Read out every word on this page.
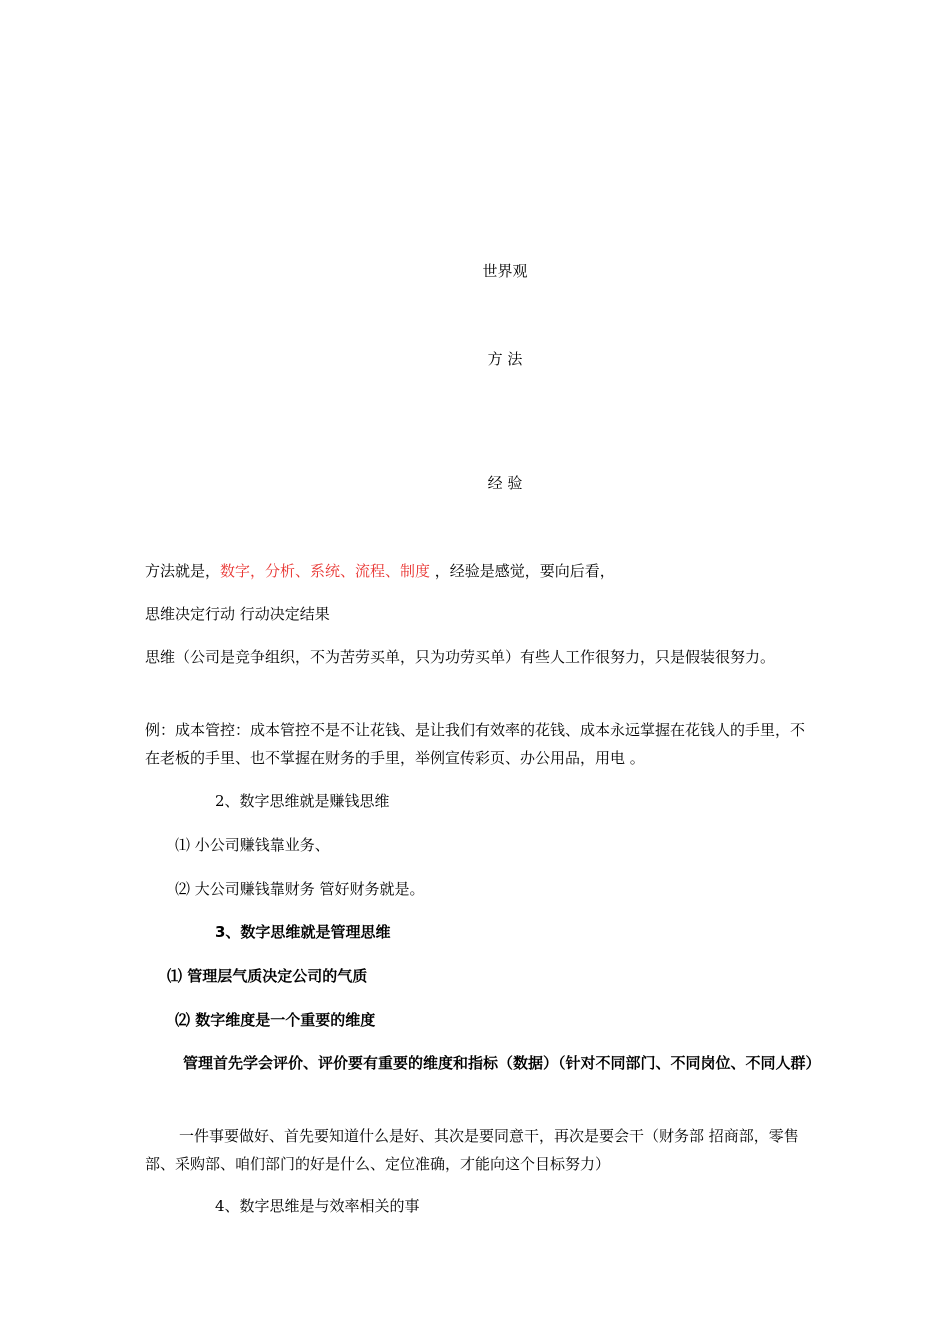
世界观
方 法
经 验
方法就是，数字，分析、系统、流程、制度 ，经验是感觉，要向后看，
思维决定行动 行动决定结果
思维（公司是竞争组织，不为苦劳买单，只为功劳买单）有些人工作很努力，只是假装很努力。
例：成本管控：成本管控不是不让花钱、是让我们有效率的花钱、成本永远掌握在花钱人的手里，不在老板的手里、也不掌握在财务的手里，举例宣传彩页、办公用品，用电 。
2、数字思维就是赚钱思维
⑴ 小公司赚钱靠业务、
⑵ 大公司赚钱靠财务 管好财务就是。
3、数字思维就是管理思维
⑴ 管理层气质决定公司的气质
⑵ 数字维度是一个重要的维度
管理首先学会评价、评价要有重要的维度和指标（数据）（针对不同部门、不同岗位、不同人群）
一件事要做好、首先要知道什么是好、其次是要同意干，再次是要会干（财务部 招商部，零售部、采购部、咱们部门的好是什么、定位准确，才能向这个目标努力）
4、数字思维是与效率相关的事
